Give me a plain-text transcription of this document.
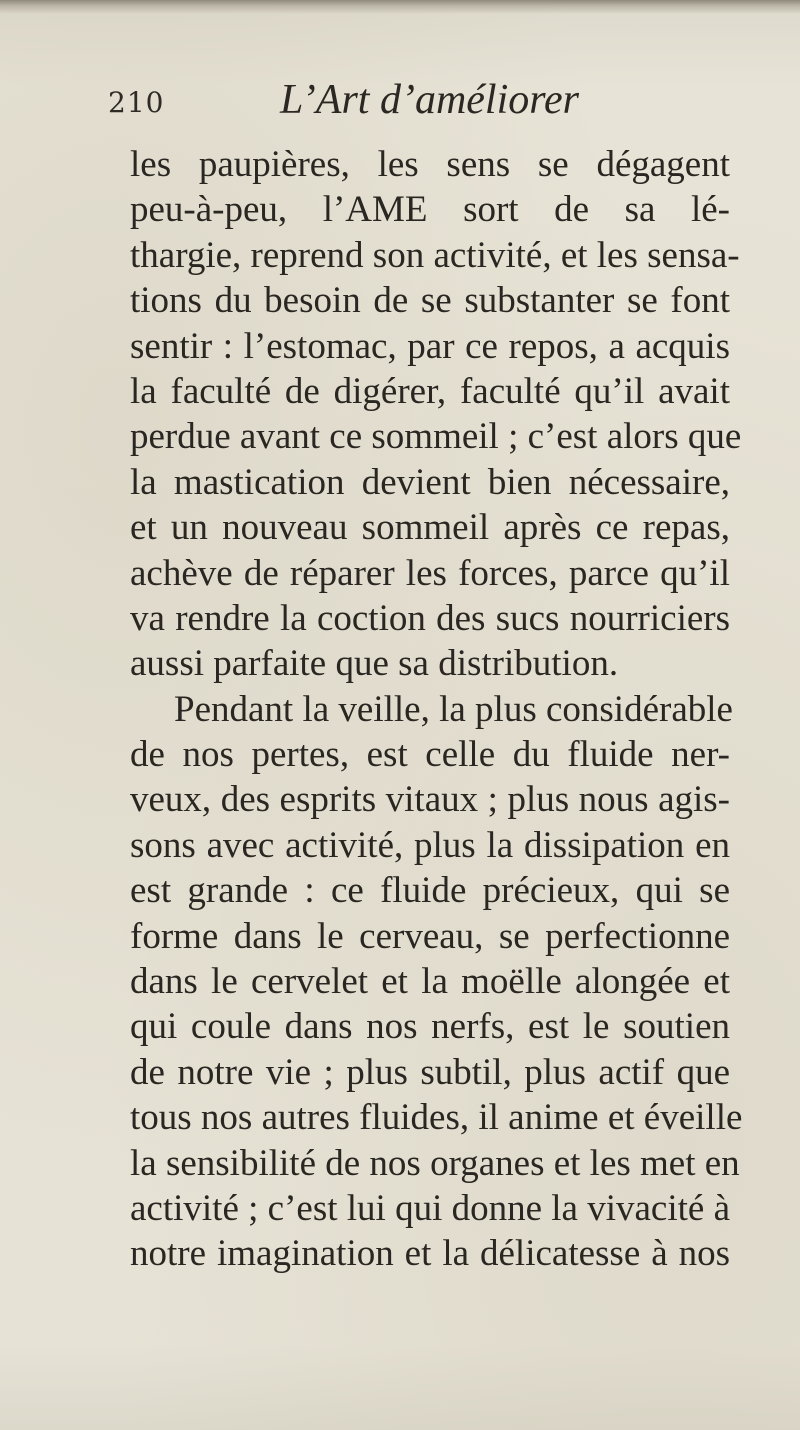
210	L’Art d’améliorer
les paupières, les sens se dégagent
peu-à-peu, l’AME sort de sa lé-
thargie, reprend son activité, et les sensa-
tions du besoin de se substanter se font
sentir : l’estomac, par ce repos, a acquis
la faculté de digérer, faculté qu’il avait
perdue avant ce sommeil ; c’est alors que
la mastication devient bien nécessaire,
et un nouveau sommeil après ce repas,
achève de réparer les forces, parce qu’il
va rendre la coction des sucs nourriciers
aussi parfaite que sa distribution.
Pendant la veille, la plus considérable
de nos pertes, est celle du fluide ner-
veux, des esprits vitaux ; plus nous agis-
sons avec activité, plus la dissipation en
est grande : ce fluide précieux, qui se
forme dans le cerveau, se perfectionne
dans le cervelet et la moëlle alongée et
qui coule dans nos nerfs, est le soutien
de notre vie ; plus subtil, plus actif que
tous nos autres fluides, il anime et éveille
la sensibilité de nos organes et les met en
activité ; c’est lui qui donne la vivacité à
notre imagination et la délicatesse à nos
